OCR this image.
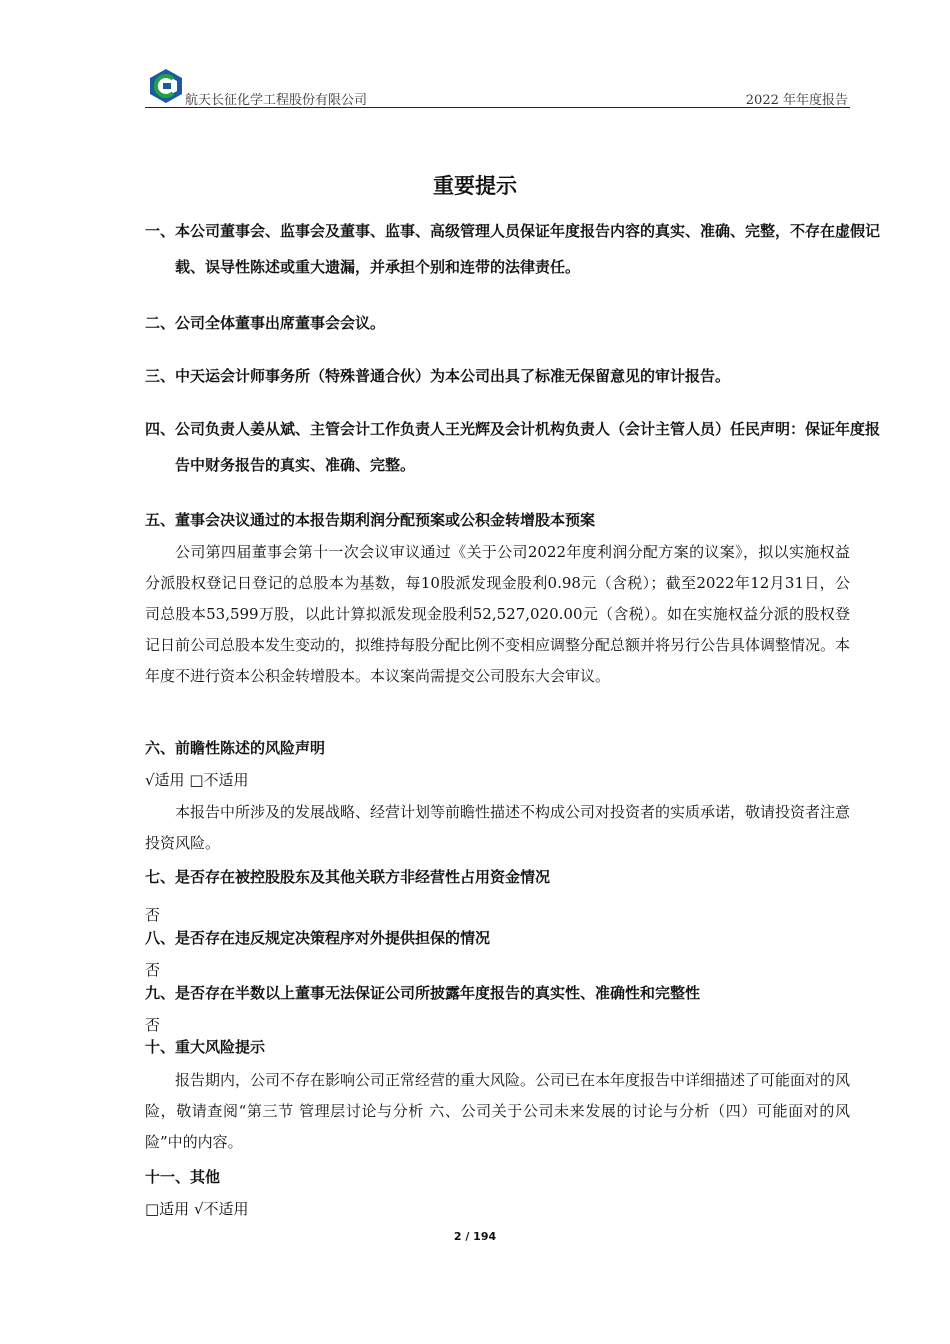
航天长征化学工程股份有限公司	2022 年年度报告
重要提示
一、本公司董事会、监事会及董事、监事、高级管理人员保证年度报告内容的真实、准确、完整，不存在虚假记载、误导性陈述或重大遗漏，并承担个别和连带的法律责任。
二、公司全体董事出席董事会会议。
三、中天运会计师事务所（特殊普通合伙）为本公司出具了标准无保留意见的审计报告。
四、公司负责人姜从斌、主管会计工作负责人王光辉及会计机构负责人（会计主管人员）任民声明：保证年度报告中财务报告的真实、准确、完整。
五、董事会决议通过的本报告期利润分配预案或公积金转增股本预案
公司第四届董事会第十一次会议审议通过《关于公司2022年度利润分配方案的议案》，拟以实施权益分派股权登记日登记的总股本为基数，每10股派发现金股利0.98元（含税）；截至2022年12月31日，公司总股本53,599万股，以此计算拟派发现金股利52,527,020.00元（含税）。如在实施权益分派的股权登记日前公司总股本发生变动的，拟维持每股分配比例不变相应调整分配总额并将另行公告具体调整情况。本年度不进行资本公积金转增股本。本议案尚需提交公司股东大会审议。
六、前瞻性陈述的风险声明
√适用 □不适用
本报告中所涉及的发展战略、经营计划等前瞻性描述不构成公司对投资者的实质承诺，敬请投资者注意投资风险。
七、是否存在被控股股东及其他关联方非经营性占用资金情况
否
八、是否存在违反规定决策程序对外提供担保的情况
否
九、是否存在半数以上董事无法保证公司所披露年度报告的真实性、准确性和完整性
否
十、重大风险提示
报告期内，公司不存在影响公司正常经营的重大风险。公司已在本年度报告中详细描述了可能面对的风险，敬请查阅“第三节 管理层讨论与分析 六、公司关于公司未来发展的讨论与分析（四）可能面对的风险”中的内容。
十一、其他
□适用 √不适用
2 / 194
